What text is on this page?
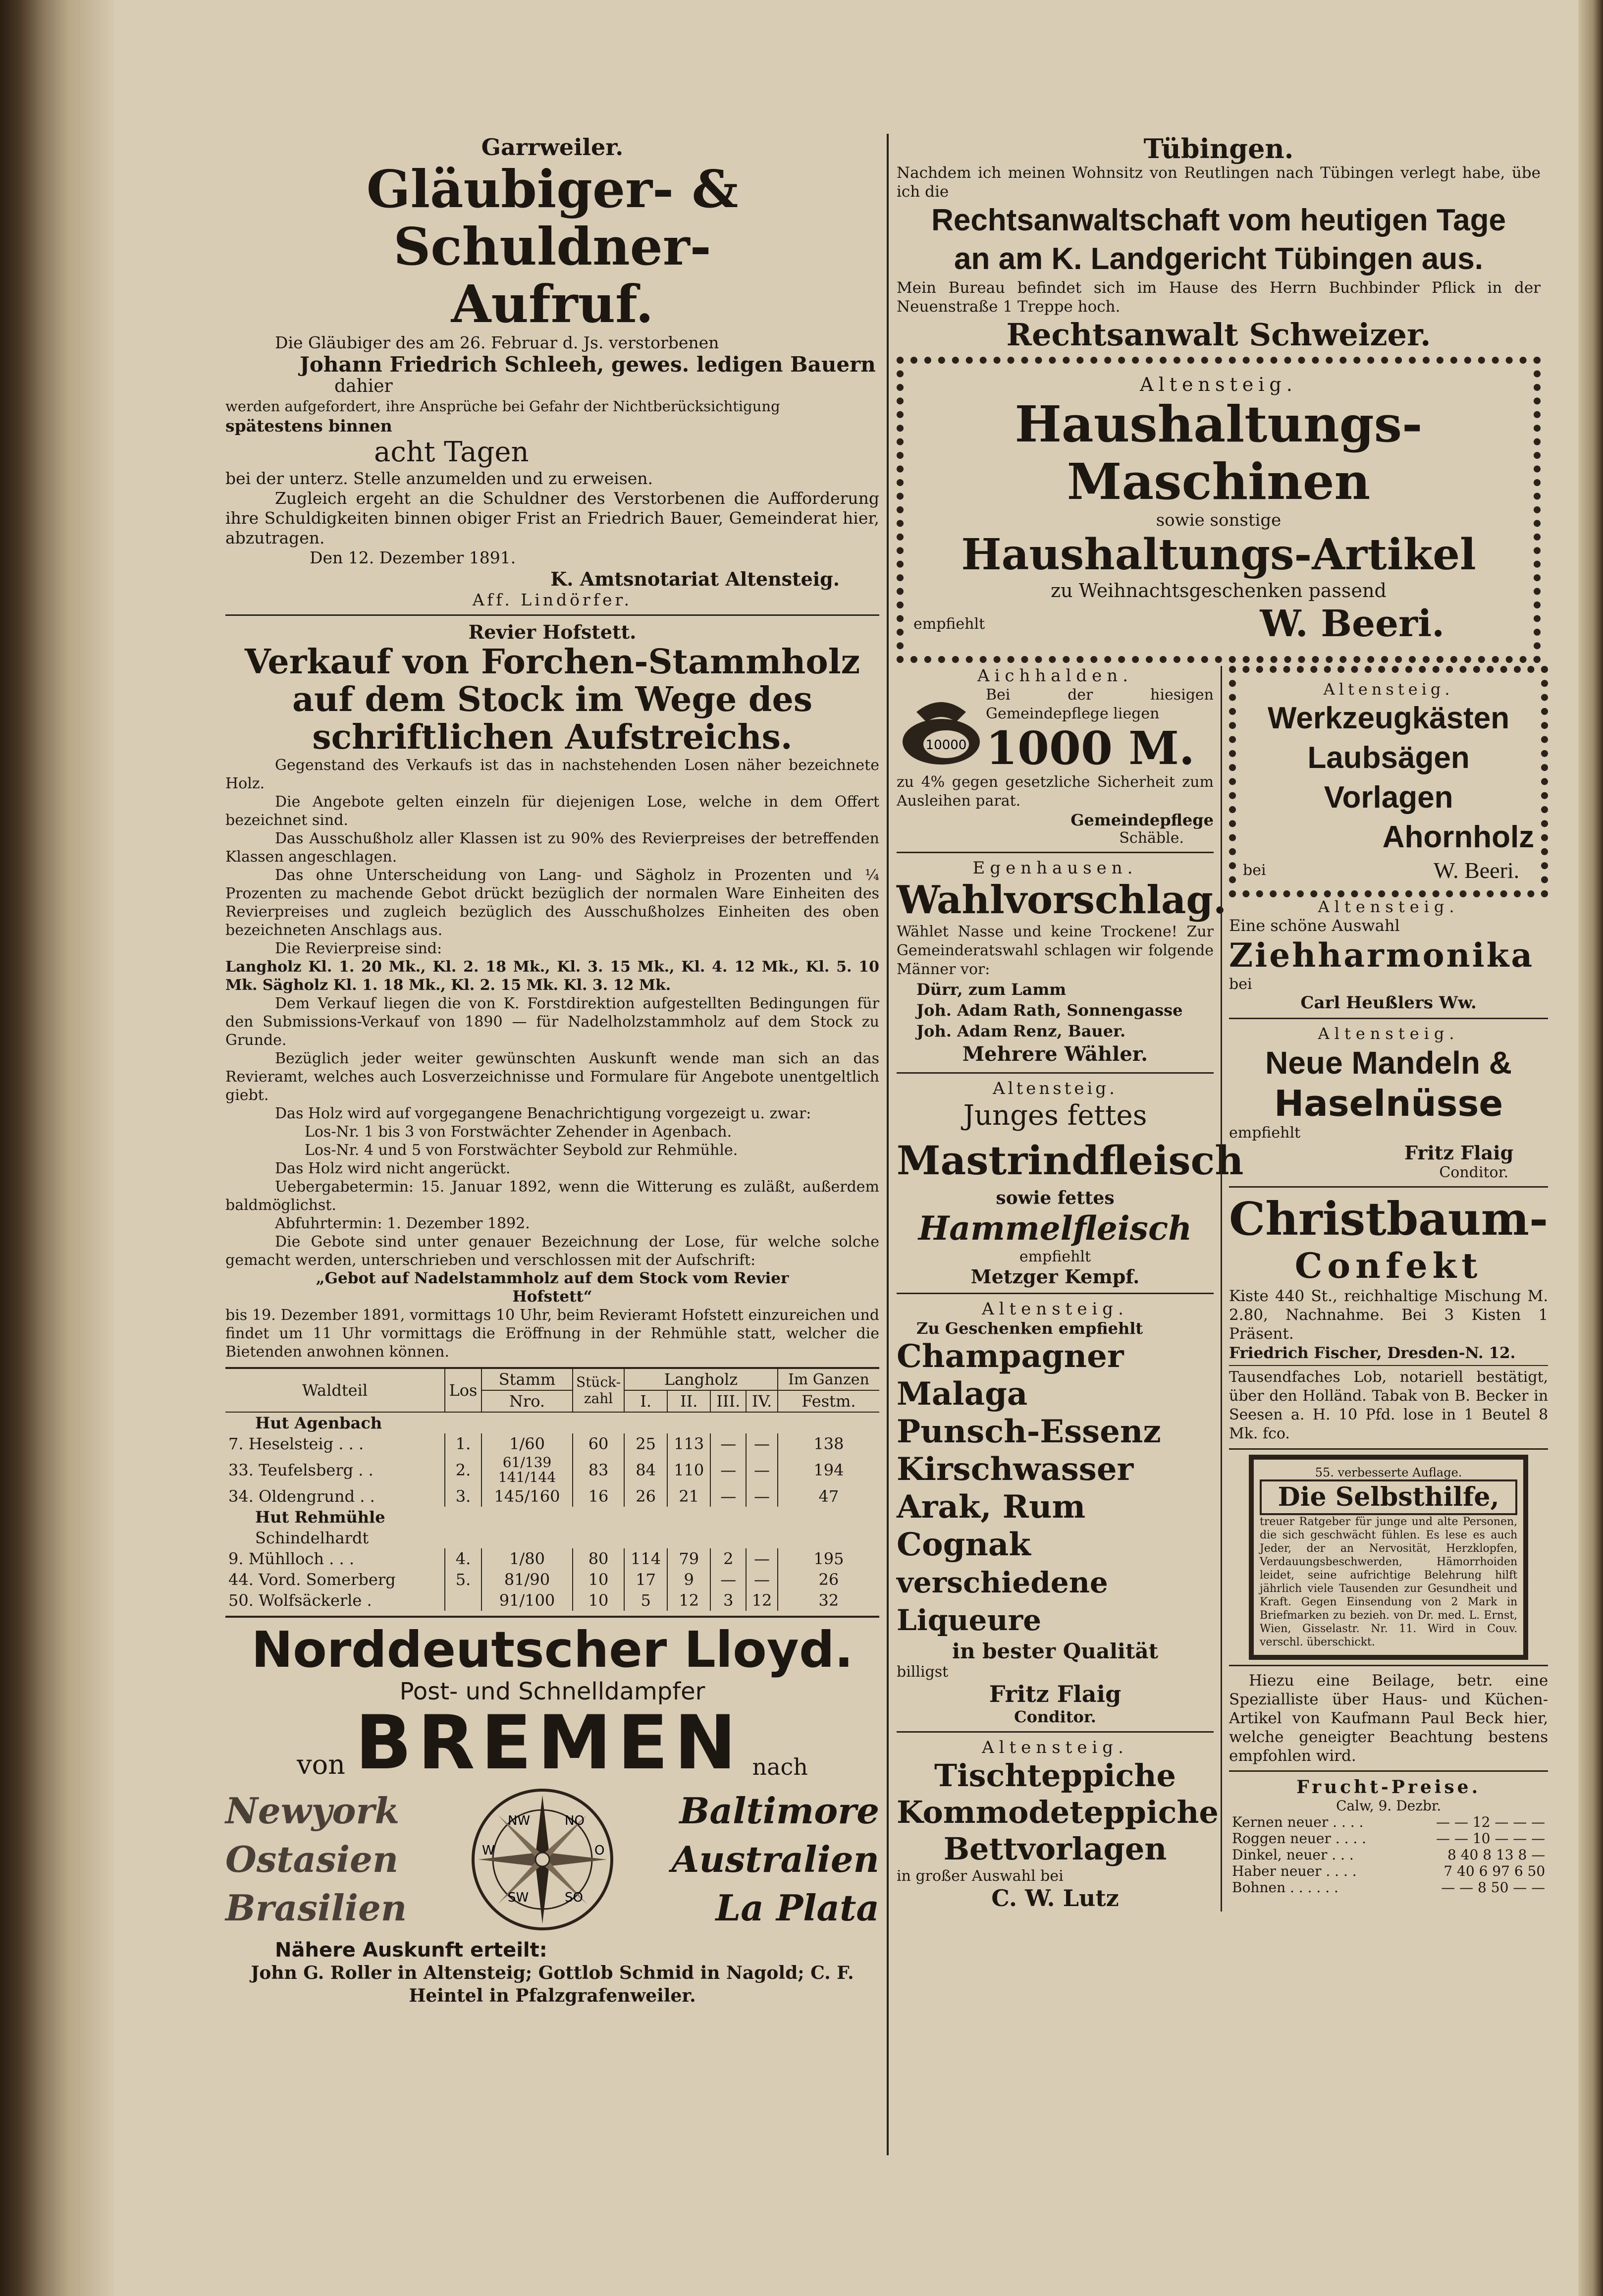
Garrweiler.
Gläubiger- & Schuldner-
Aufruf.

Die Gläubiger des am 26. Februar d. Js. verstorbenen

Johann Friedrich Schleeh, gewes. ledigen Bauern

dahier

werden aufgefordert, ihre Ansprüche bei Gefahr der Nichtberücksichtigung

spätestens binnen

acht Tagen

bei der unterz. Stelle anzumelden und zu erweisen.

Zugleich ergeht an die Schuldner des Verstorbenen die Aufforderung ihre Schuldigkeiten binnen obiger Frist an Friedrich Bauer, Gemeinderat hier, abzutragen.

Den 12. Dezember 1891.

K. Amtsnotariat Altensteig.

Aff. Lindörfer.

Revier Hofstett.
Verkauf von Forchen-Stammholz auf dem Stock im Wege des schriftlichen Aufstreichs.

Gegenstand des Verkaufs ist das in nachstehenden Losen näher bezeichnete Holz.

Die Angebote gelten einzeln für diejenigen Lose, welche in dem Offert bezeichnet sind.

Das Ausschußholz aller Klassen ist zu 90% des Revierpreises der betreffenden Klassen angeschlagen.

Das ohne Unterscheidung von Lang- und Sägholz in Prozenten und ¼ Prozenten zu machende Gebot drückt bezüglich der normalen Ware Einheiten des Revierpreises und zugleich bezüglich des Ausschußholzes Einheiten des oben bezeichneten Anschlags aus.

Die Revierpreise sind:

Langholz Kl. 1. 20 Mk., Kl. 2. 18 Mk., Kl. 3. 15 Mk., Kl. 4. 12 Mk., Kl. 5. 10 Mk. Sägholz Kl. 1. 18 Mk., Kl. 2. 15 Mk. Kl. 3. 12 Mk.

Dem Verkauf liegen die von K. Forstdirektion aufgestellten Bedingungen für den Submissions-Verkauf von 1890 — für Nadelholzstammholz auf dem Stock zu Grunde.

Bezüglich jeder weiter gewünschten Auskunft wende man sich an das Revieramt, welches auch Losverzeichnisse und Formulare für Angebote unentgeltlich giebt.

Das Holz wird auf vorgegangene Benachrichtigung vorgezeigt u. zwar:

Los-Nr. 1 bis 3 von Forstwächter Zehender in Agenbach.

Los-Nr. 4 und 5 von Forstwächter Seybold zur Rehmühle.

Das Holz wird nicht angerückt.

Uebergabetermin: 15. Januar 1892, wenn die Witterung es zuläßt, außerdem baldmöglichst.

Abfuhrtermin: 1. Dezember 1892.

Die Gebote sind unter genauer Bezeichnung der Lose, für welche solche gemacht werden, unterschrieben und verschlossen mit der Aufschrift:

„Gebot auf Nadelstammholz auf dem Stock vom Revier Hofstett“

bis 19. Dezember 1891, vormittags 10 Uhr, beim Revieramt Hofstett einzureichen und findet um 11 Uhr vormittags die Eröffnung in der Rehmühle statt, welcher die Bietenden anwohnen können.

Waldteil	Los	Stamm	Stück-zahl	Langholz				Im Ganzen
		Nro.		I.	II.	III.	IV.	Festm.
Hut Agenbach								
7. Heselsteig . . .	1.	1/60	60	25	113	—	—	138
33. Teufelsberg . .	2.	61/139 141/144	83	84	110	—	—	194
34. Oldengrund . .	3.	145/160	16	26	21	—	—	47
Hut Rehmühle								
Schindelhardt								
9. Mühlloch . . .	4.	1/80	80	114	79	2	—	195
44. Vord. Somerberg	5.	81/90	10	17	9	—	—	26
50. Wolfsäckerle .		91/100	10	5	12	3	12	32
Norddeutscher Lloyd.
Post- und Schnelldampfer
von BREMEN nach
Newyork
Ostasien
Brasilien
NW	NO
SW	SO
W	O
Baltimore
Australien
La Plata
Nähere Auskunft erteilt:

John G. Roller in Altensteig; Gottlob Schmid in Nagold; C. F. Heintel in Pfalzgrafenweiler.

Tübingen.

Nachdem ich meinen Wohnsitz von Reutlingen nach Tübingen verlegt habe, übe ich die

Rechtsanwaltschaft vom heutigen Tage

an am K. Landgericht Tübingen aus.

Mein Bureau befindet sich im Hause des Herrn Buchbinder Pflick in der Neuenstraße 1 Treppe hoch.

Rechtsanwalt Schweizer.

Altensteig.
Haushaltungs-Maschinen
sowie sonstige
Haushaltungs-Artikel
zu Weihnachtsgeschenken passend
empfiehlt	W. Beeri.
Aichhalden.
10000

Bei der hiesigen Gemeindepflege liegen

1000 M.

zu 4% gegen gesetzliche Sicherheit zum Ausleihen parat.

Gemeindepflege

Schäble.

Egenhausen.
Wahlvorschlag.

Wählet Nasse und keine Trockene! Zur Gemeinderatswahl schlagen wir folgende Männer vor:

Dürr, zum Lamm

Joh. Adam Rath, Sonnengasse

Joh. Adam Renz, Bauer.

Mehrere Wähler.

Altensteig.
Junges fettes
Mastrindfleisch
sowie fettes
Hammelfleisch
empfiehlt
Metzger Kempf.
Altensteig.
Zu Geschenken empfiehlt
Champagner
Malaga
Punsch-Essenz
Kirschwasser
Arak, Rum
Cognak
verschiedene Liqueure
in bester Qualität
billigst
Fritz Flaig
Conditor.
Altensteig.
Tischteppiche
Kommodeteppiche
Bettvorlagen
in großer Auswahl bei
C. W. Lutz
Altensteig.
Werkzeugkästen
Laubsägen
Vorlagen
Ahornholz
bei	W. Beeri.
Altensteig.
Eine schöne Auswahl
Ziehharmonika
bei
Carl Heußlers Ww.
Altensteig.
Neue Mandeln &
Haselnüsse
empfiehlt
Fritz Flaig
Conditor.
Christbaum-
Confekt

Kiste 440 St., reichhaltige Mischung M. 2.80, Nachnahme. Bei 3 Kisten 1 Präsent.

Friedrich Fischer, Dresden-N. 12.

Tausendfaches Lob, notariell bestätigt, über den Holländ. Tabak von B. Becker in Seesen a. H. 10 Pfd. lose in 1 Beutel 8 Mk. fco.

55. verbesserte Auflage.
Die Selbsthilfe,

treuer Ratgeber für junge und alte Personen, die sich geschwächt fühlen. Es lese es auch Jeder, der an Nervosität, Herzklopfen, Verdauungsbeschwerden, Hämorrhoiden leidet, seine aufrichtige Belehrung hilft jährlich viele Tausenden zur Gesundheit und Kraft. Gegen Einsendung von 2 Mark in Briefmarken zu bezieh. von Dr. med. L. Ernst, Wien, Gisselastr. Nr. 11. Wird in Couv. verschl. überschickt.

Hiezu eine Beilage, betr. eine Spezialliste über Haus- und Küchen-Artikel von Kaufmann Paul Beck hier, welche geneigter Beachtung bestens empfohlen wird.

Frucht-Preise.
Calw, 9. Dezbr.
Kernen neuer . . . .	— — 12 — — —
Roggen neuer . . . .	— — 10 — — —
Dinkel, neuer . . .	8 40 8 13 8 —
Haber neuer . . . .	7 40 6 97 6 50
Bohnen . . . . . .	— — 8 50 — —
